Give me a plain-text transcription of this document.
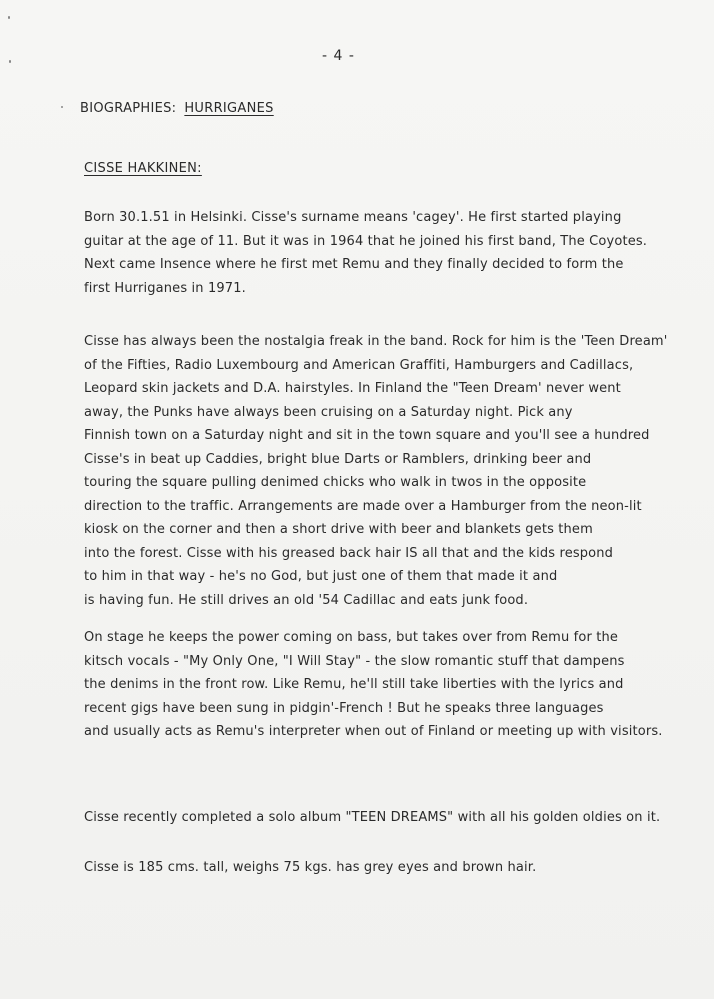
- 4 -
BIOGRAPHIES: HURRIGANES
CISSE HAKKINEN:
Born 30.1.51 in Helsinki. Cisse's surname means 'cagey'. He first started playing
guitar at the age of 11. But it was in 1964 that he joined his first band, The Coyotes.
Next came Insence where he first met Remu and they finally decided to form the
first Hurriganes in 1971.
Cisse has always been the nostalgia freak in the band. Rock for him is the 'Teen Dream'
of the Fifties, Radio Luxembourg and American Graffiti, Hamburgers and Cadillacs,
Leopard skin jackets and D.A. hairstyles. In Finland the "Teen Dream' never went
away, the Punks have always been cruising on a Saturday night. Pick any
Finnish town on a Saturday night and sit in the town square and you'll see a hundred
Cisse's in beat up Caddies, bright blue Darts or Ramblers, drinking beer and
touring the square pulling denimed chicks who walk in twos in the opposite
direction to the traffic. Arrangements are made over a Hamburger from the neon-lit
kiosk on the corner and then a short drive with beer and blankets gets them
into the forest. Cisse with his greased back hair IS all that and the kids respond
to him in that way - he's no God, but just one of them that made it and
is having fun. He still drives an old '54 Cadillac and eats junk food.
On stage he keeps the power coming on bass, but takes over from Remu for the
kitsch vocals - "My Only One, "I Will Stay" - the slow romantic stuff that dampens
the denims in the front row. Like Remu, he'll still take liberties with the lyrics and
recent gigs have been sung in pidgin'-French ! But he speaks three languages
and usually acts as Remu's interpreter when out of Finland or meeting up with visitors.
Cisse recently completed a solo album "TEEN DREAMS" with all his golden oldies on it.
Cisse is 185 cms. tall, weighs 75 kgs. has grey eyes and brown hair.
